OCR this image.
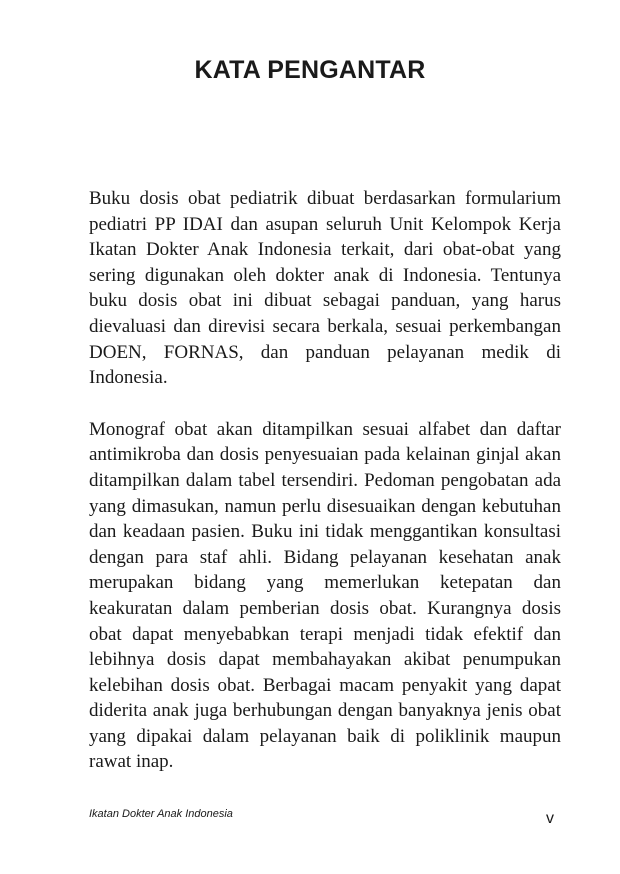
KATA PENGANTAR

Buku dosis obat pediatrik dibuat berdasarkan formularium pediatri PP IDAI dan asupan seluruh Unit Kelompok Kerja Ikatan Dokter Anak Indonesia terkait, dari obat-obat yang sering digunakan oleh dokter anak di Indonesia. Tentunya buku dosis obat ini dibuat sebagai panduan, yang harus dievaluasi dan direvisi secara berkala, sesuai perkembangan DOEN, FORNAS, dan panduan pelayanan medik di Indonesia.

Monograf obat akan ditampilkan sesuai alfabet dan daftar antimikroba dan dosis penyesuaian pada kelainan ginjal akan ditampilkan dalam tabel tersendiri. Pedoman pengobatan ada yang dimasukan, namun perlu disesuaikan dengan kebutuhan dan keadaan pasien. Buku ini tidak menggantikan konsultasi dengan para staf ahli. Bidang pelayanan kesehatan anak merupakan bidang yang memerlukan ketepatan dan keakuratan dalam pemberian dosis obat. Kurangnya dosis obat dapat menyebabkan terapi menjadi tidak efektif dan lebihnya dosis dapat membahayakan akibat penumpukan kelebihan dosis obat. Berbagai macam penyakit yang dapat diderita anak juga berhubungan dengan banyaknya jenis obat yang dipakai dalam pelayanan baik di poliklinik maupun rawat inap.

Ikatan Dokter Anak Indonesia	v
